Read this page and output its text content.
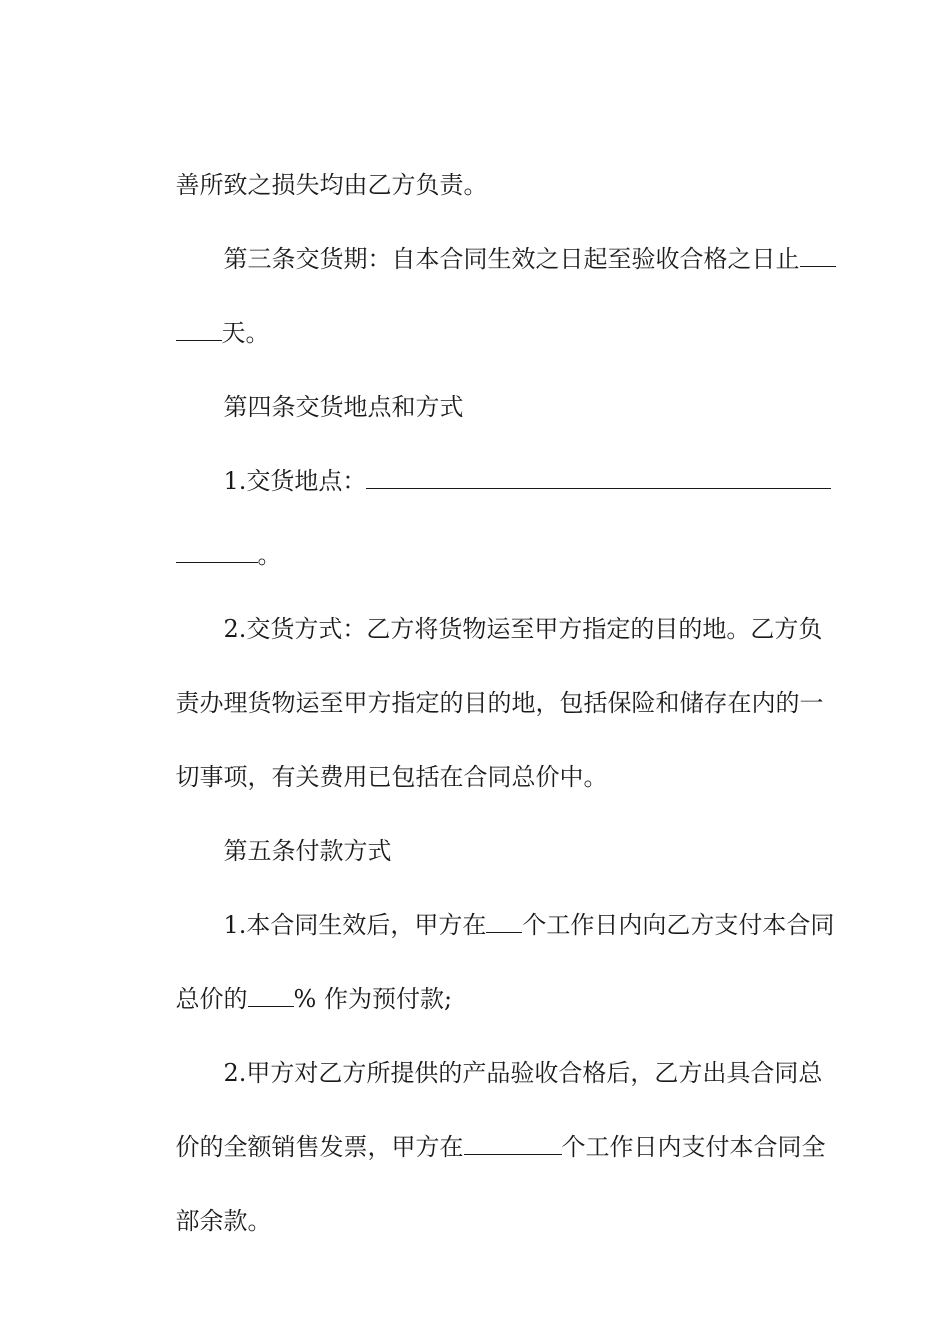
善所致之损失均由乙方负责。

第三条交货期：自本合同生效之日起至验收合格之日止

天。

第四条交货地点和方式

1.交货地点：

。

2.交货方式：乙方将货物运至甲方指定的目的地。乙方负

责办理货物运至甲方指定的目的地，包括保险和储存在内的一

切事项，有关费用已包括在合同总价中。

第五条付款方式

1.本合同生效后，甲方在 个工作日内向乙方支付本合同

总价的 % 作为预付款;

2.甲方对乙方所提供的产品验收合格后，乙方出具合同总

价的全额销售发票，甲方在	个工作日内支付本合同全

部余款。
